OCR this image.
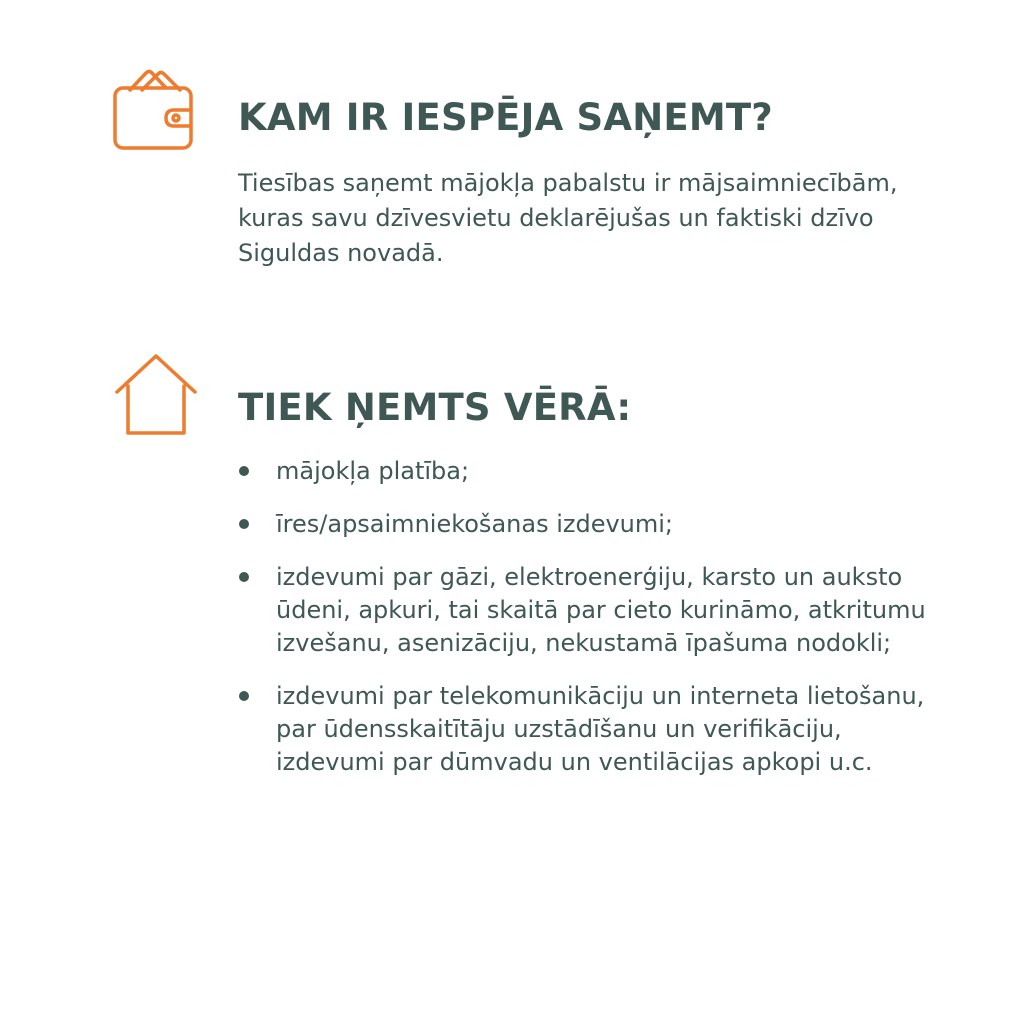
KAM IR IESPĒJA SAŅEMT?

Tiesības saņemt mājokļa pabalstu ir mājsaimniecībām, kuras savu dzīvesvietu deklarējušas un faktiski dzīvo Siguldas novadā.

TIEK ŅEMTS VĒRĀ:
mājokļa platība;
īres/apsaimniekošanas izdevumi;
izdevumi par gāzi, elektroenerģiju, karsto un auksto ūdeni, apkuri, tai skaitā par cieto kurināmo, atkritumu izvešanu, asenizāciju, nekustamā īpašuma nodokli;
izdevumi par telekomunikāciju un interneta lietošanu, par ūdensskaitītāju uzstādīšanu un verifikāciju, izdevumi par dūmvadu un ventilācijas apkopi u.c.
